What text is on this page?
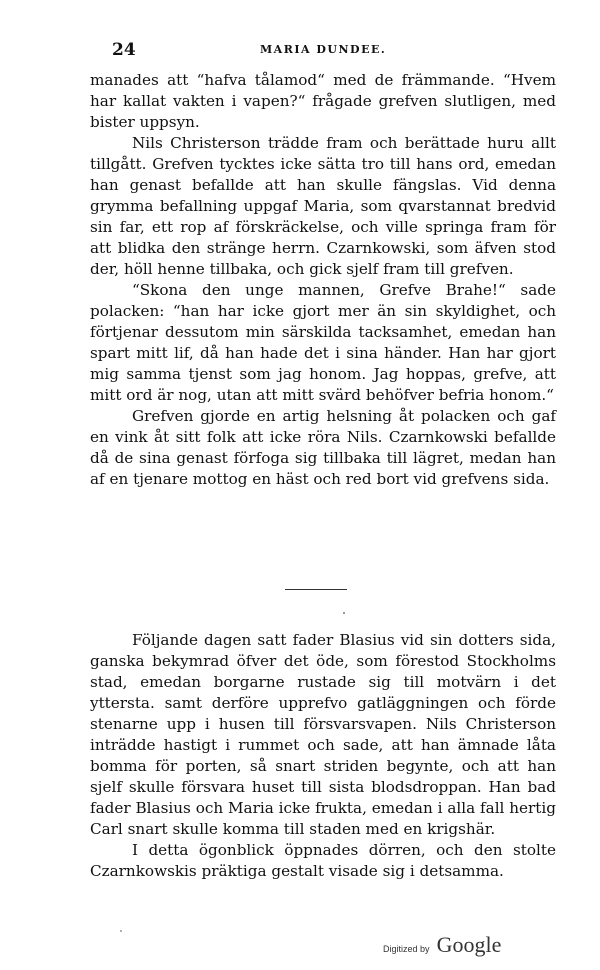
24	MARIA DUNDEE.

manades att “hafva tålamod“ med de främmande. “Hvem har kallat vakten i vapen?“ frågade grefven slutligen, med bister uppsyn.

Nils Christerson trädde fram och berättade huru allt tillgått. Grefven tycktes icke sätta tro till hans ord, emedan han genast befallde att han skulle fängslas. Vid denna grymma befallning uppgaf Maria, som qvarstannat bredvid sin far, ett rop af förskräckelse, och ville springa fram för att blidka den stränge herrn. Czarnkowski, som äfven stod der, höll henne tillbaka, och gick sjelf fram till grefven.

“Skona den unge mannen, Grefve Brahe!“ sade polacken: “han har icke gjort mer än sin skyldighet, och förtjenar dessutom min särskilda tacksamhet, emedan han spart mitt lif, då han hade det i sina händer. Han har gjort mig samma tjenst som jag honom. Jag hoppas, grefve, att mitt ord är nog, utan att mitt svärd behöfver befria honom.“

Grefven gjorde en artig helsning åt polacken och gaf en vink åt sitt folk att icke röra Nils. Czarnkowski befallde då de sina genast förfoga sig tillbaka till lägret, medan han af en tjenare mottog en häst och red bort vid grefvens sida.

Följande dagen satt fader Blasius vid sin dotters sida, ganska bekymrad öfver det öde, som förestod Stockholms stad, emedan borgarne rustade sig till motvärn i det yttersta. samt derföre upprefvo gatläggningen och förde stenarne upp i husen till försvarsvapen. Nils Christerson inträdde hastigt i rummet och sade, att han ämnade låta bomma för porten, så snart striden begynte, och att han sjelf skulle försvara huset till sista blodsdroppan. Han bad fader Blasius och Maria icke frukta, emedan i alla fall hertig Carl snart skulle komma till staden med en krigshär.

I detta ögonblick öppnades dörren, och den stolte Czarnkowskis präktiga gestalt visade sig i detsamma.

Digitized by Google
